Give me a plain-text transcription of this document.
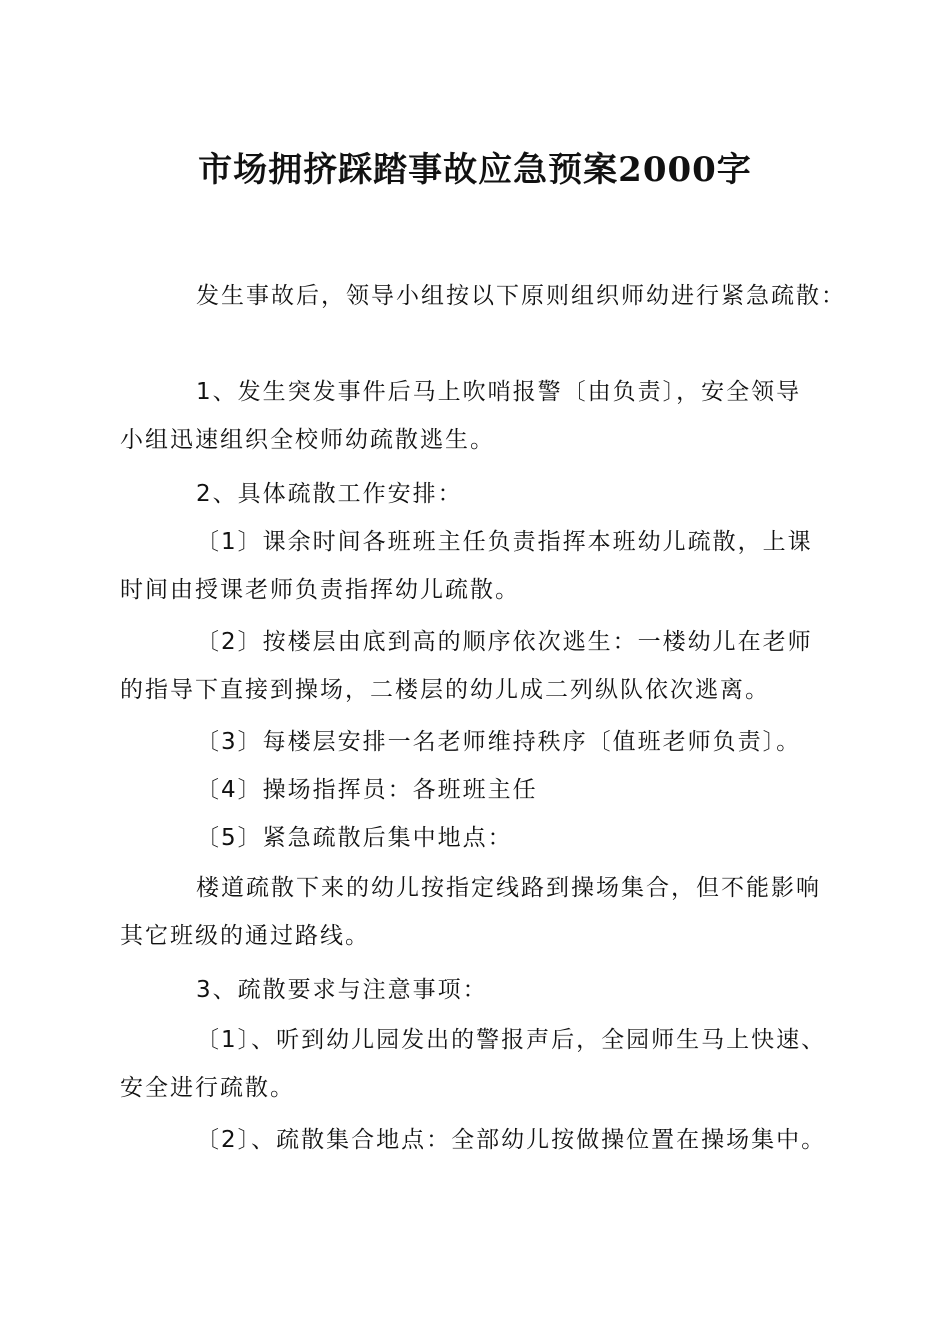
市场拥挤踩踏事故应急预案2000字
发生事故后，领导小组按以下原则组织师幼进行紧急疏散：
1、发生突发事件后马上吹哨报警〔由负责〕，安全领导
小组迅速组织全校师幼疏散逃生。
2、具体疏散工作安排：
〔1〕课余时间各班班主任负责指挥本班幼儿疏散，上课
时间由授课老师负责指挥幼儿疏散。
〔2〕按楼层由底到高的顺序依次逃生：一楼幼儿在老师
的指导下直接到操场，二楼层的幼儿成二列纵队依次逃离。
〔3〕每楼层安排一名老师维持秩序〔值班老师负责〕。
〔4〕操场指挥员：各班班主任
〔5〕紧急疏散后集中地点：
楼道疏散下来的幼儿按指定线路到操场集合，但不能影响
其它班级的通过路线。
3、疏散要求与注意事项：
〔1〕、听到幼儿园发出的警报声后，全园师生马上快速、
安全进行疏散。
〔2〕、疏散集合地点：全部幼儿按做操位置在操场集中。
